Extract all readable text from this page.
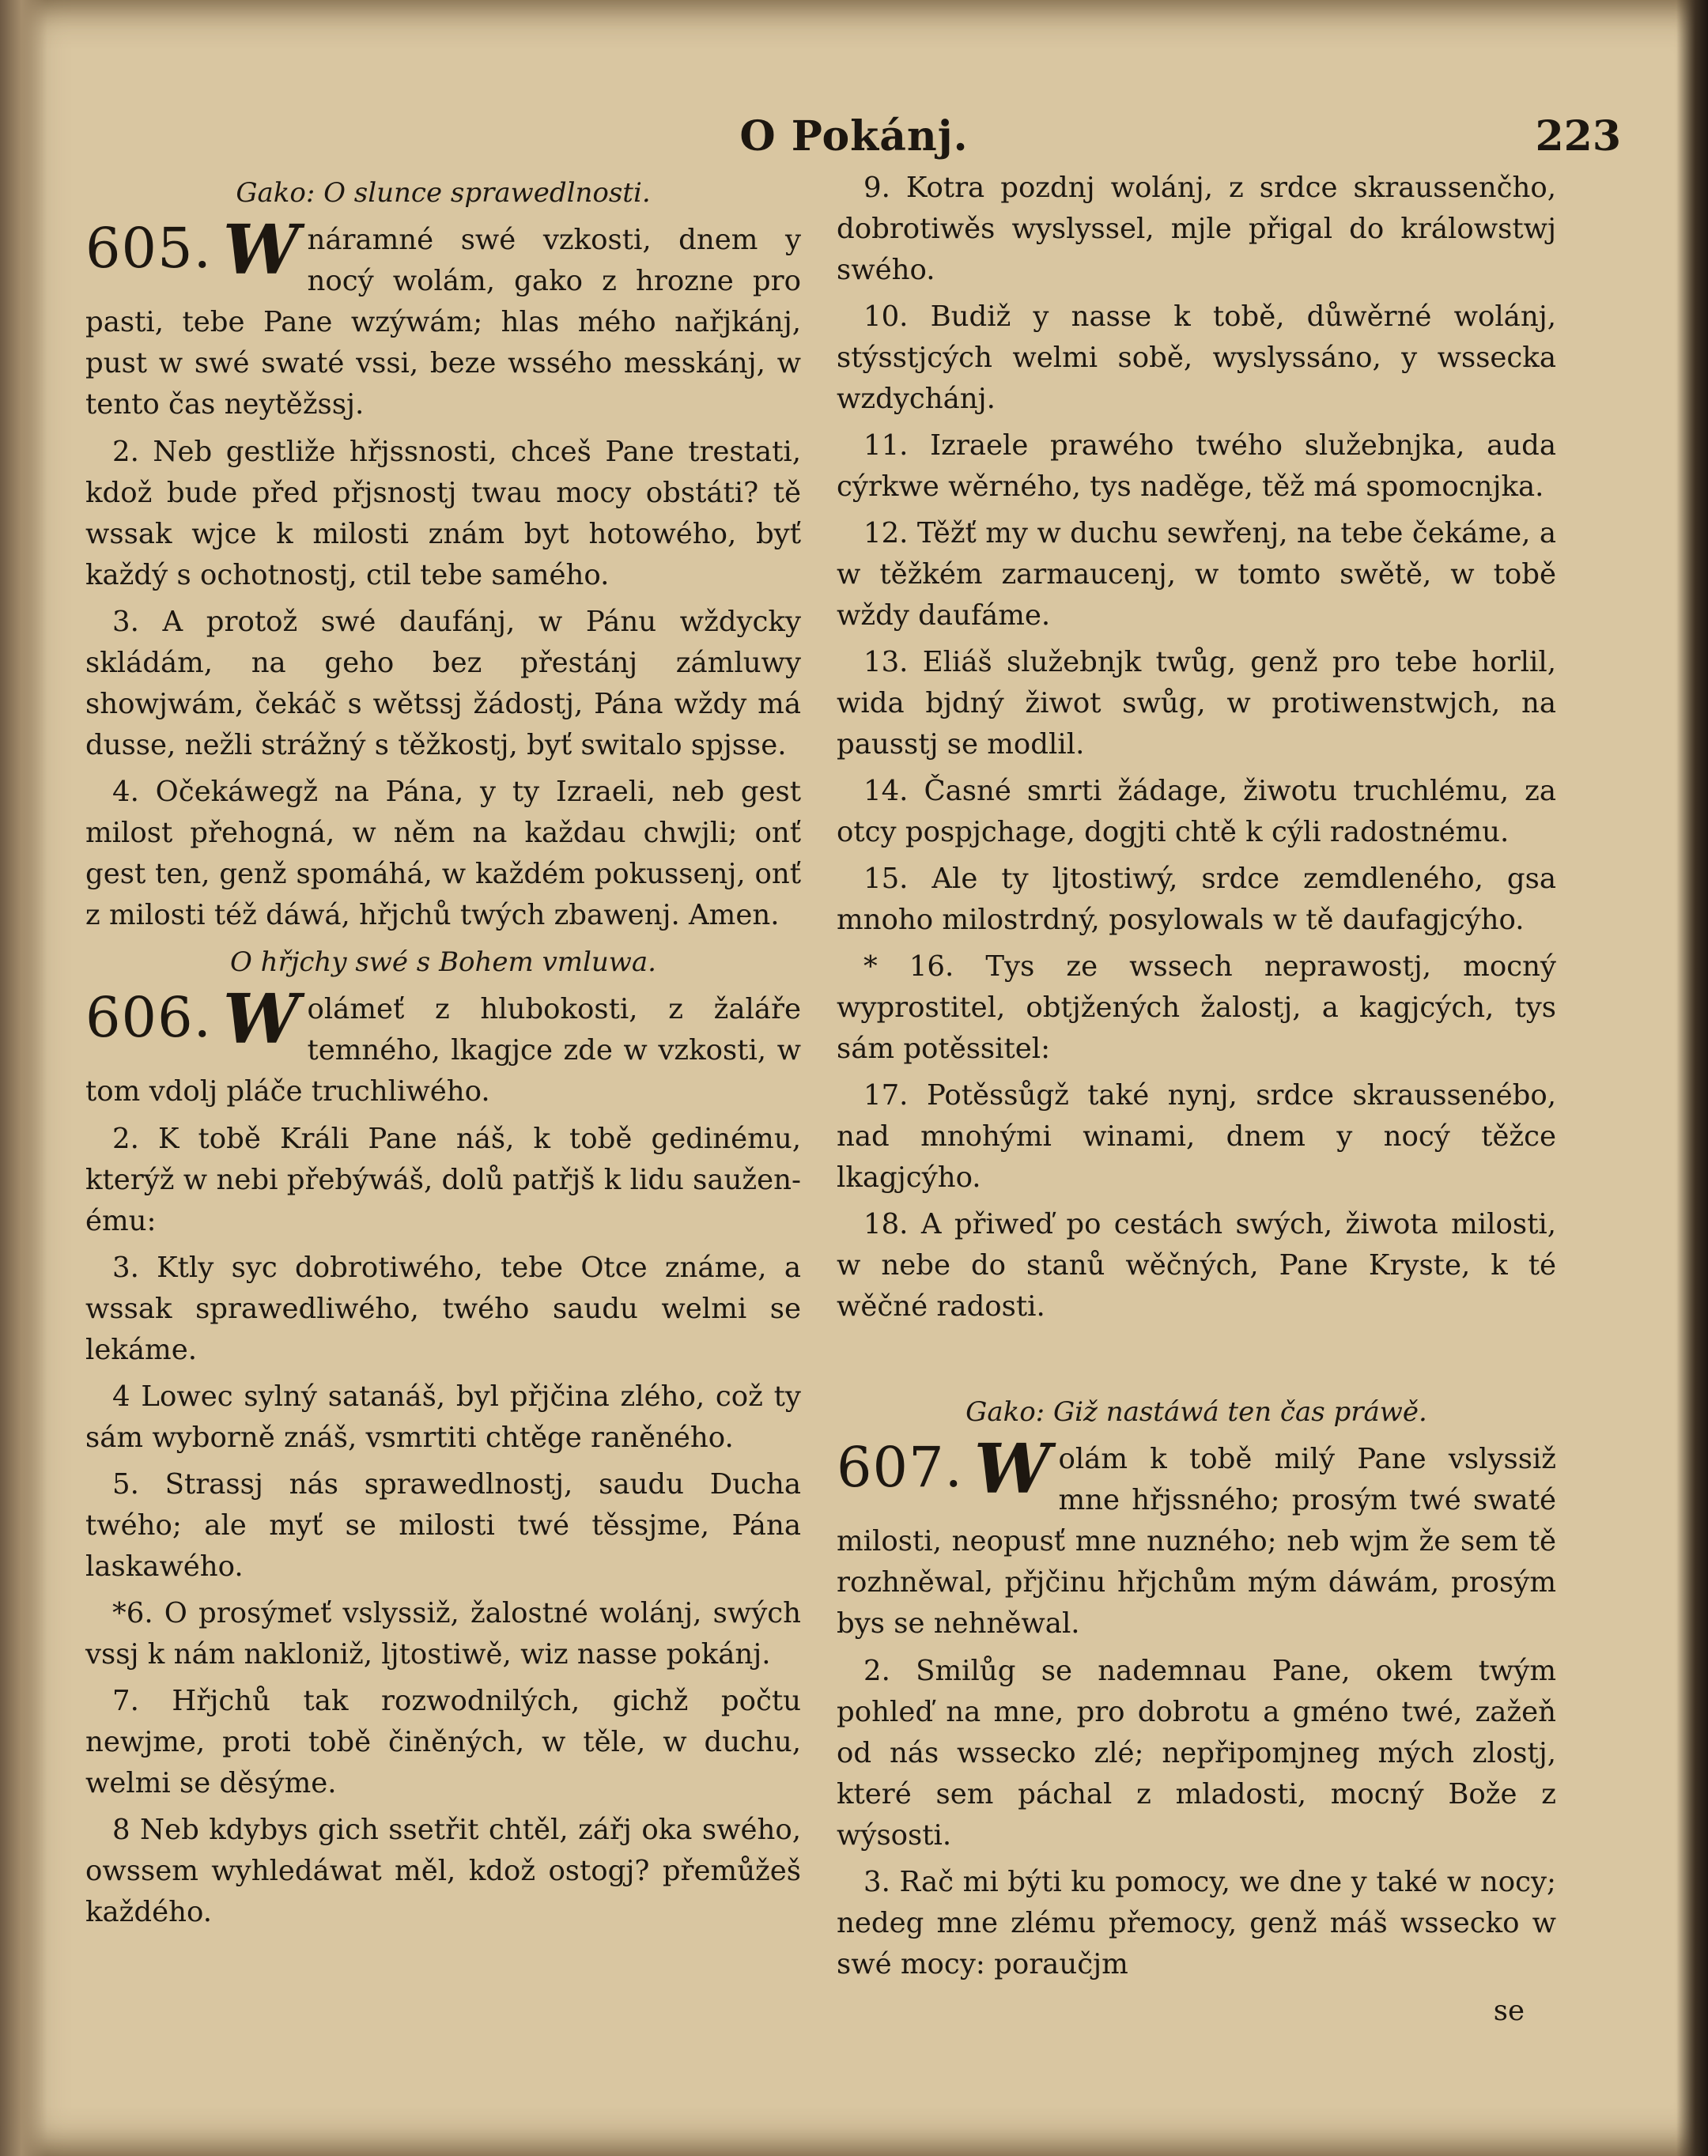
O Pokánj.	223
Gako: O slunce sprawedlnosti.
605. W náramné swé vzkosti, dnem y nocý wolám, gako z hrozne pro pasti, tebe Pane wzýwám; hlas mého nařjkánj, pust w swé swaté vssi, beze wssého messkánj, w tento čas neytěžssj.

2. Neb gestliže hřjssnosti, chceš Pane trestati, kdož bude před přjsnostj twau mocy obstáti? tě wssak wjce k milosti znám byt hotowého, byť každý s ochotnostj, ctil tebe samého.

3. A protož swé daufánj, w Pánu wždycky skládám, na geho bez přestánj zámluwy showjwám, čekáč s wětssj žádostj, Pána wždy má dusse, nežli strážný s těžkostj, byť switalo spjsse.

4. Očekáwegž na Pána, y ty Izraeli, neb gest milost přehogná, w něm na každau chwjli; onť gest ten, genž spomáhá, w každém pokussenj, onť z milosti též dáwá, hřjchů twých zbawenj. Amen.

O hřjchy swé s Bohem vmluwa.
606. W olámeť z hlubokosti, z žaláře temného, lkagjce zde w vzkosti, w tom vdolj pláče truchliwého.

2. K tobě Králi Pane náš, k tobě gedinému, kterýž w nebi přebýwáš, dolů patřjš k lidu sauženému:

3. Ktly syc dobrotiwého, tebe Otce známe, a wssak sprawedliwého, twého saudu welmi se lekáme.

4 Lowec sylný satanáš, byl přjčina zlého, což ty sám wyborně znáš, vsmrtiti chtěge raněného.

5. Strassj nás sprawedlnostj, saudu Ducha twého; ale myť se milosti twé těssjme, Pána laskawého.

*6. O prosýmeť vslyssiž, žalostné wolánj, swých vssj k nám nakloniž, ljtostiwě, wiz nasse pokánj.

7. Hřjchů tak rozwodnilých, gichž počtu newjme, proti tobě činěných, w těle, w duchu, welmi se děsýme.

8 Neb kdybys gich ssetřit chtěl, zářj oka swého, owssem wyhledáwat měl, kdož ostogj? přemůžeš každého.

9. Kotra pozdnj wolánj, z srdce skraussenčho, dobrotiwěs wyslyssel, mjle přigal do králowstwj swého.

10. Budiž y nasse k tobě, důwěrné wolánj, stýsstjcých welmi sobě, wyslyssáno, y wssecka wzdychánj.

11. Izraele prawého twého služebnjka, auda cýrkwe wěrného, tys naděge, těž má spomocnjka.

12. Těžť my w duchu sewřenj, na tebe čekáme, a w těžkém zarmaucenj, w tomto swětě, w tobě wždy daufáme.

13. Eliáš služebnjk twůg, genž pro tebe horlil, wida bjdný žiwot swůg, w protiwenstwjch, na pausstj se modlil.

14. Časné smrti žádage, žiwotu truchlému, za otcy pospjchage, dogjti chtě k cýli radostnému.

15. Ale ty ljtostiwý, srdce zemdleného, gsa mnoho milostrdný, posylowals w tě daufagjcýho.

* 16. Tys ze wssech neprawostj, mocný wyprostitel, obtjžených žalostj, a kagjcých, tys sám potěssitel:

17. Potěssůgž také nynj, srdce skraussenébo, nad mnohými winami, dnem y nocý těžce lkagjcýho.

18. A přiweď po cestách swých, žiwota milosti, w nebe do stanů wěčných, Pane Kryste, k té wěčné radosti.

Gako: Giž nastáwá ten čas práwě.
607. W olám k tobě milý Pane vslyssiž mne hřjssného; prosým twé swaté milosti, neopusť mne nuzného; neb wjm že sem tě rozhněwal, přjčinu hřjchům mým dáwám, prosým bys se nehněwal.

2. Smilůg se nademnau Pane, okem twým pohleď na mne, pro dobrotu a gméno twé, zažeň od nás wssecko zlé; nepřipomjneg mých zlostj, které sem páchal z mladosti, mocný Bože z wýsosti.

3. Rač mi býti ku pomocy, we dne y také w nocy; nedeg mne zlému přemocy, genž máš wssecko w swé mocy: poraučjm

se
